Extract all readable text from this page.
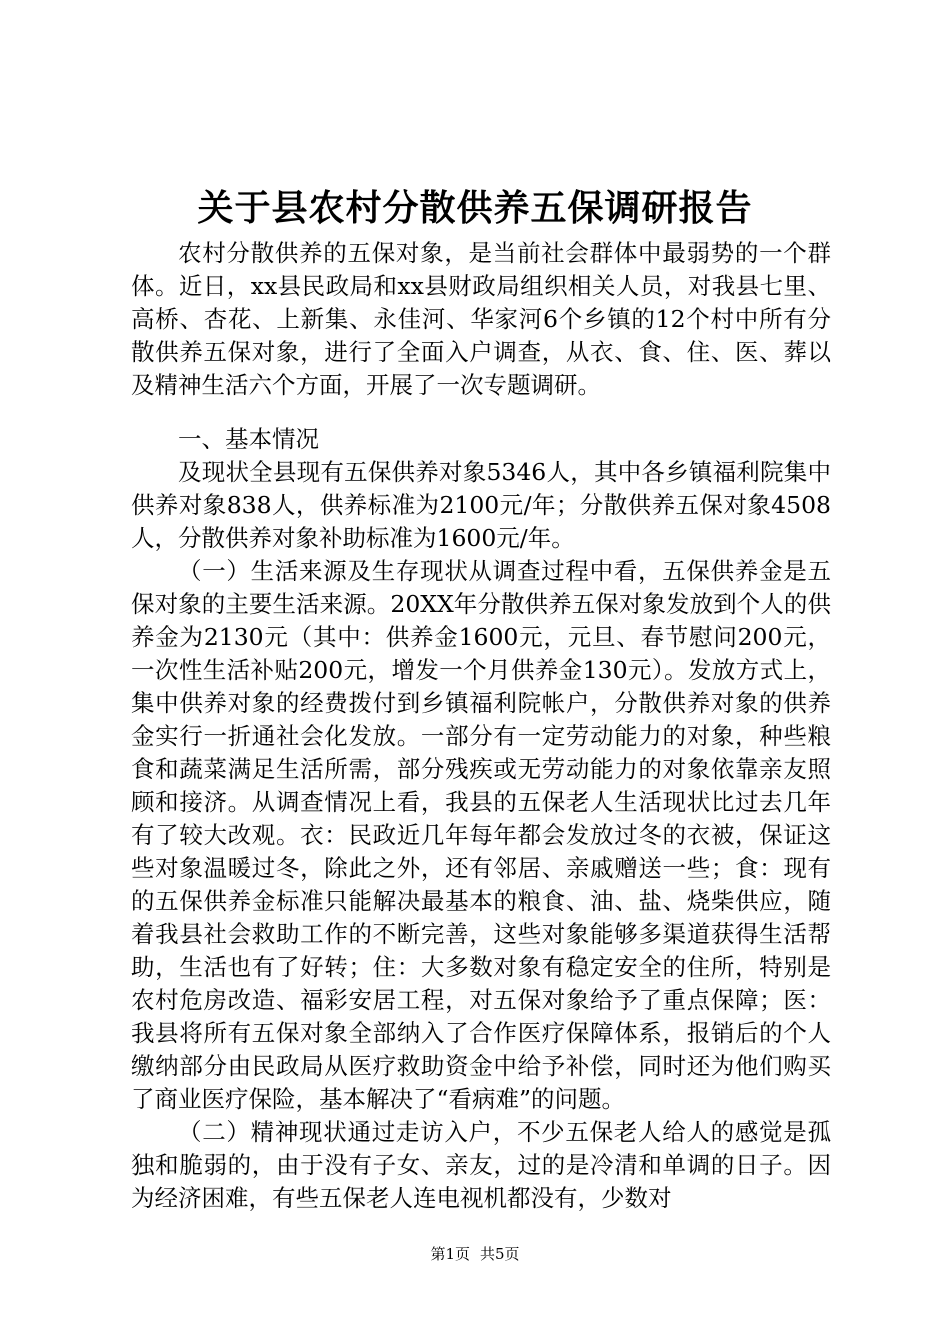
关于县农村分散供养五保调研报告

农村分散供养的五保对象，是当前社会群体中最弱势的一个群体。近日，xx县民政局和xx县财政局组织相关人员，对我县七里、高桥、杏花、上新集、永佳河、华家河6个乡镇的12个村中所有分散供养五保对象，进行了全面入户调查，从衣、食、住、医、葬以及精神生活六个方面，开展了一次专题调研。

一、基本情况

及现状全县现有五保供养对象5346人，其中各乡镇福利院集中供养对象838人，供养标准为2100元/年；分散供养五保对象4508人，分散供养对象补助标准为1600元/年。

（一）生活来源及生存现状从调查过程中看，五保供养金是五保对象的主要生活来源。20XX年分散供养五保对象发放到个人的供养金为2130元（其中：供养金1600元，元旦、春节慰问200元，一次性生活补贴200元，增发一个月供养金130元）。发放方式上，集中供养对象的经费拨付到乡镇福利院帐户，分散供养对象的供养金实行一折通社会化发放。一部分有一定劳动能力的对象，种些粮食和蔬菜满足生活所需，部分残疾或无劳动能力的对象依靠亲友照顾和接济。从调查情况上看，我县的五保老人生活现状比过去几年有了较大改观。衣：民政近几年每年都会发放过冬的衣被，保证这些对象温暖过冬，除此之外，还有邻居、亲戚赠送一些；食：现有的五保供养金标准只能解决最基本的粮食、油、盐、烧柴供应，随着我县社会救助工作的不断完善，这些对象能够多渠道获得生活帮助，生活也有了好转；住：大多数对象有稳定安全的住所，特别是农村危房改造、福彩安居工程，对五保对象给予了重点保障；医：我县将所有五保对象全部纳入了合作医疗保障体系，报销后的个人缴纳部分由民政局从医疗救助资金中给予补偿，同时还为他们购买了商业医疗保险，基本解决了“看病难”的问题。

（二）精神现状通过走访入户，不少五保老人给人的感觉是孤独和脆弱的，由于没有子女、亲友，过的是冷清和单调的日子。因为经济困难，有些五保老人连电视机都没有，少数对

第1页 共5页
